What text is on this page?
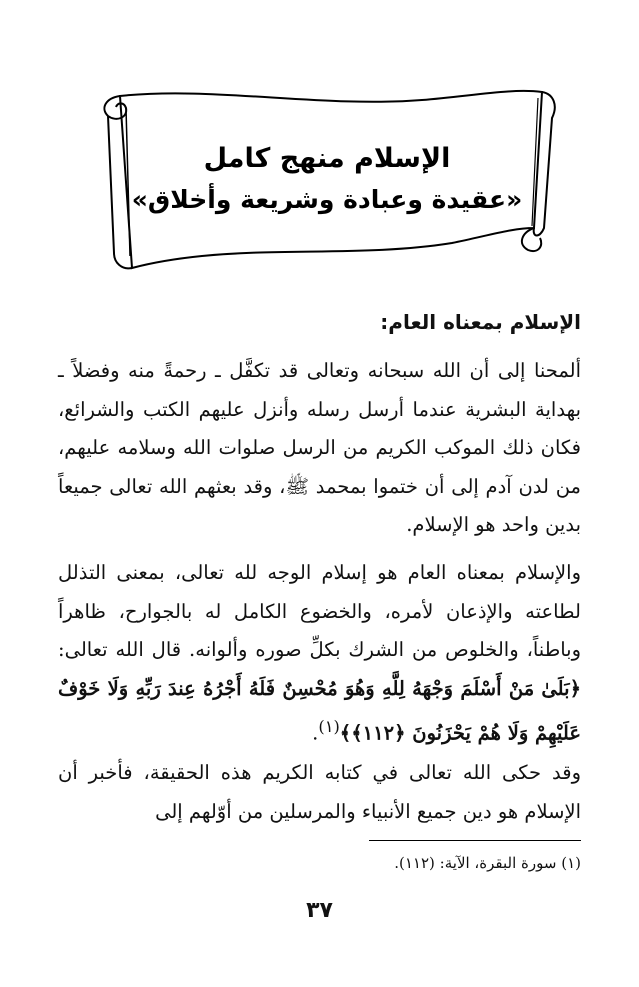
الإسلام منهج كامل
«عقيدة وعبادة وشريعة وأخلاق»
الإسلام بمعناه العام:
ألمحنا إلى أن الله سبحانه وتعالى قد تكفَّل ـ رحمةً منه وفضلاً ـ بهداية البشرية عندما أرسل رسله وأنزل عليهم الكتب والشرائع، فكان ذلك الموكب الكريم من الرسل صلوات الله وسلامه عليهم، من لدن آدم إلى أن ختموا بمحمد ﷺ، وقد بعثهم الله تعالى جميعاً بدين واحد هو الإسلام.
والإسلام بمعناه العام هو إسلام الوجه لله تعالى، بمعنى التذلل لطاعته والإذعان لأمره، والخضوع الكامل له بالجوارح، ظاهراً وباطناً، والخلوص من الشرك بكلِّ صوره وألوانه. قال الله تعالى: ﴿بَلَىٰ مَنْ أَسْلَمَ وَجْهَهُ لِلَّهِ وَهُوَ مُحْسِنٌ فَلَهُ أَجْرُهُ عِندَ رَبِّهِ وَلَا خَوْفٌ عَلَيْهِمْ وَلَا هُمْ يَحْزَنُونَ ﴿١١٢﴾﴾$^{(١)}$.
وقد حكى الله تعالى في كتابه الكريم هذه الحقيقة، فأخبر أن الإسلام هو دين جميع الأنبياء والمرسلين من أوّلهم إلى
(١) سورة البقرة، الآية: (١١٢).
٣٧
